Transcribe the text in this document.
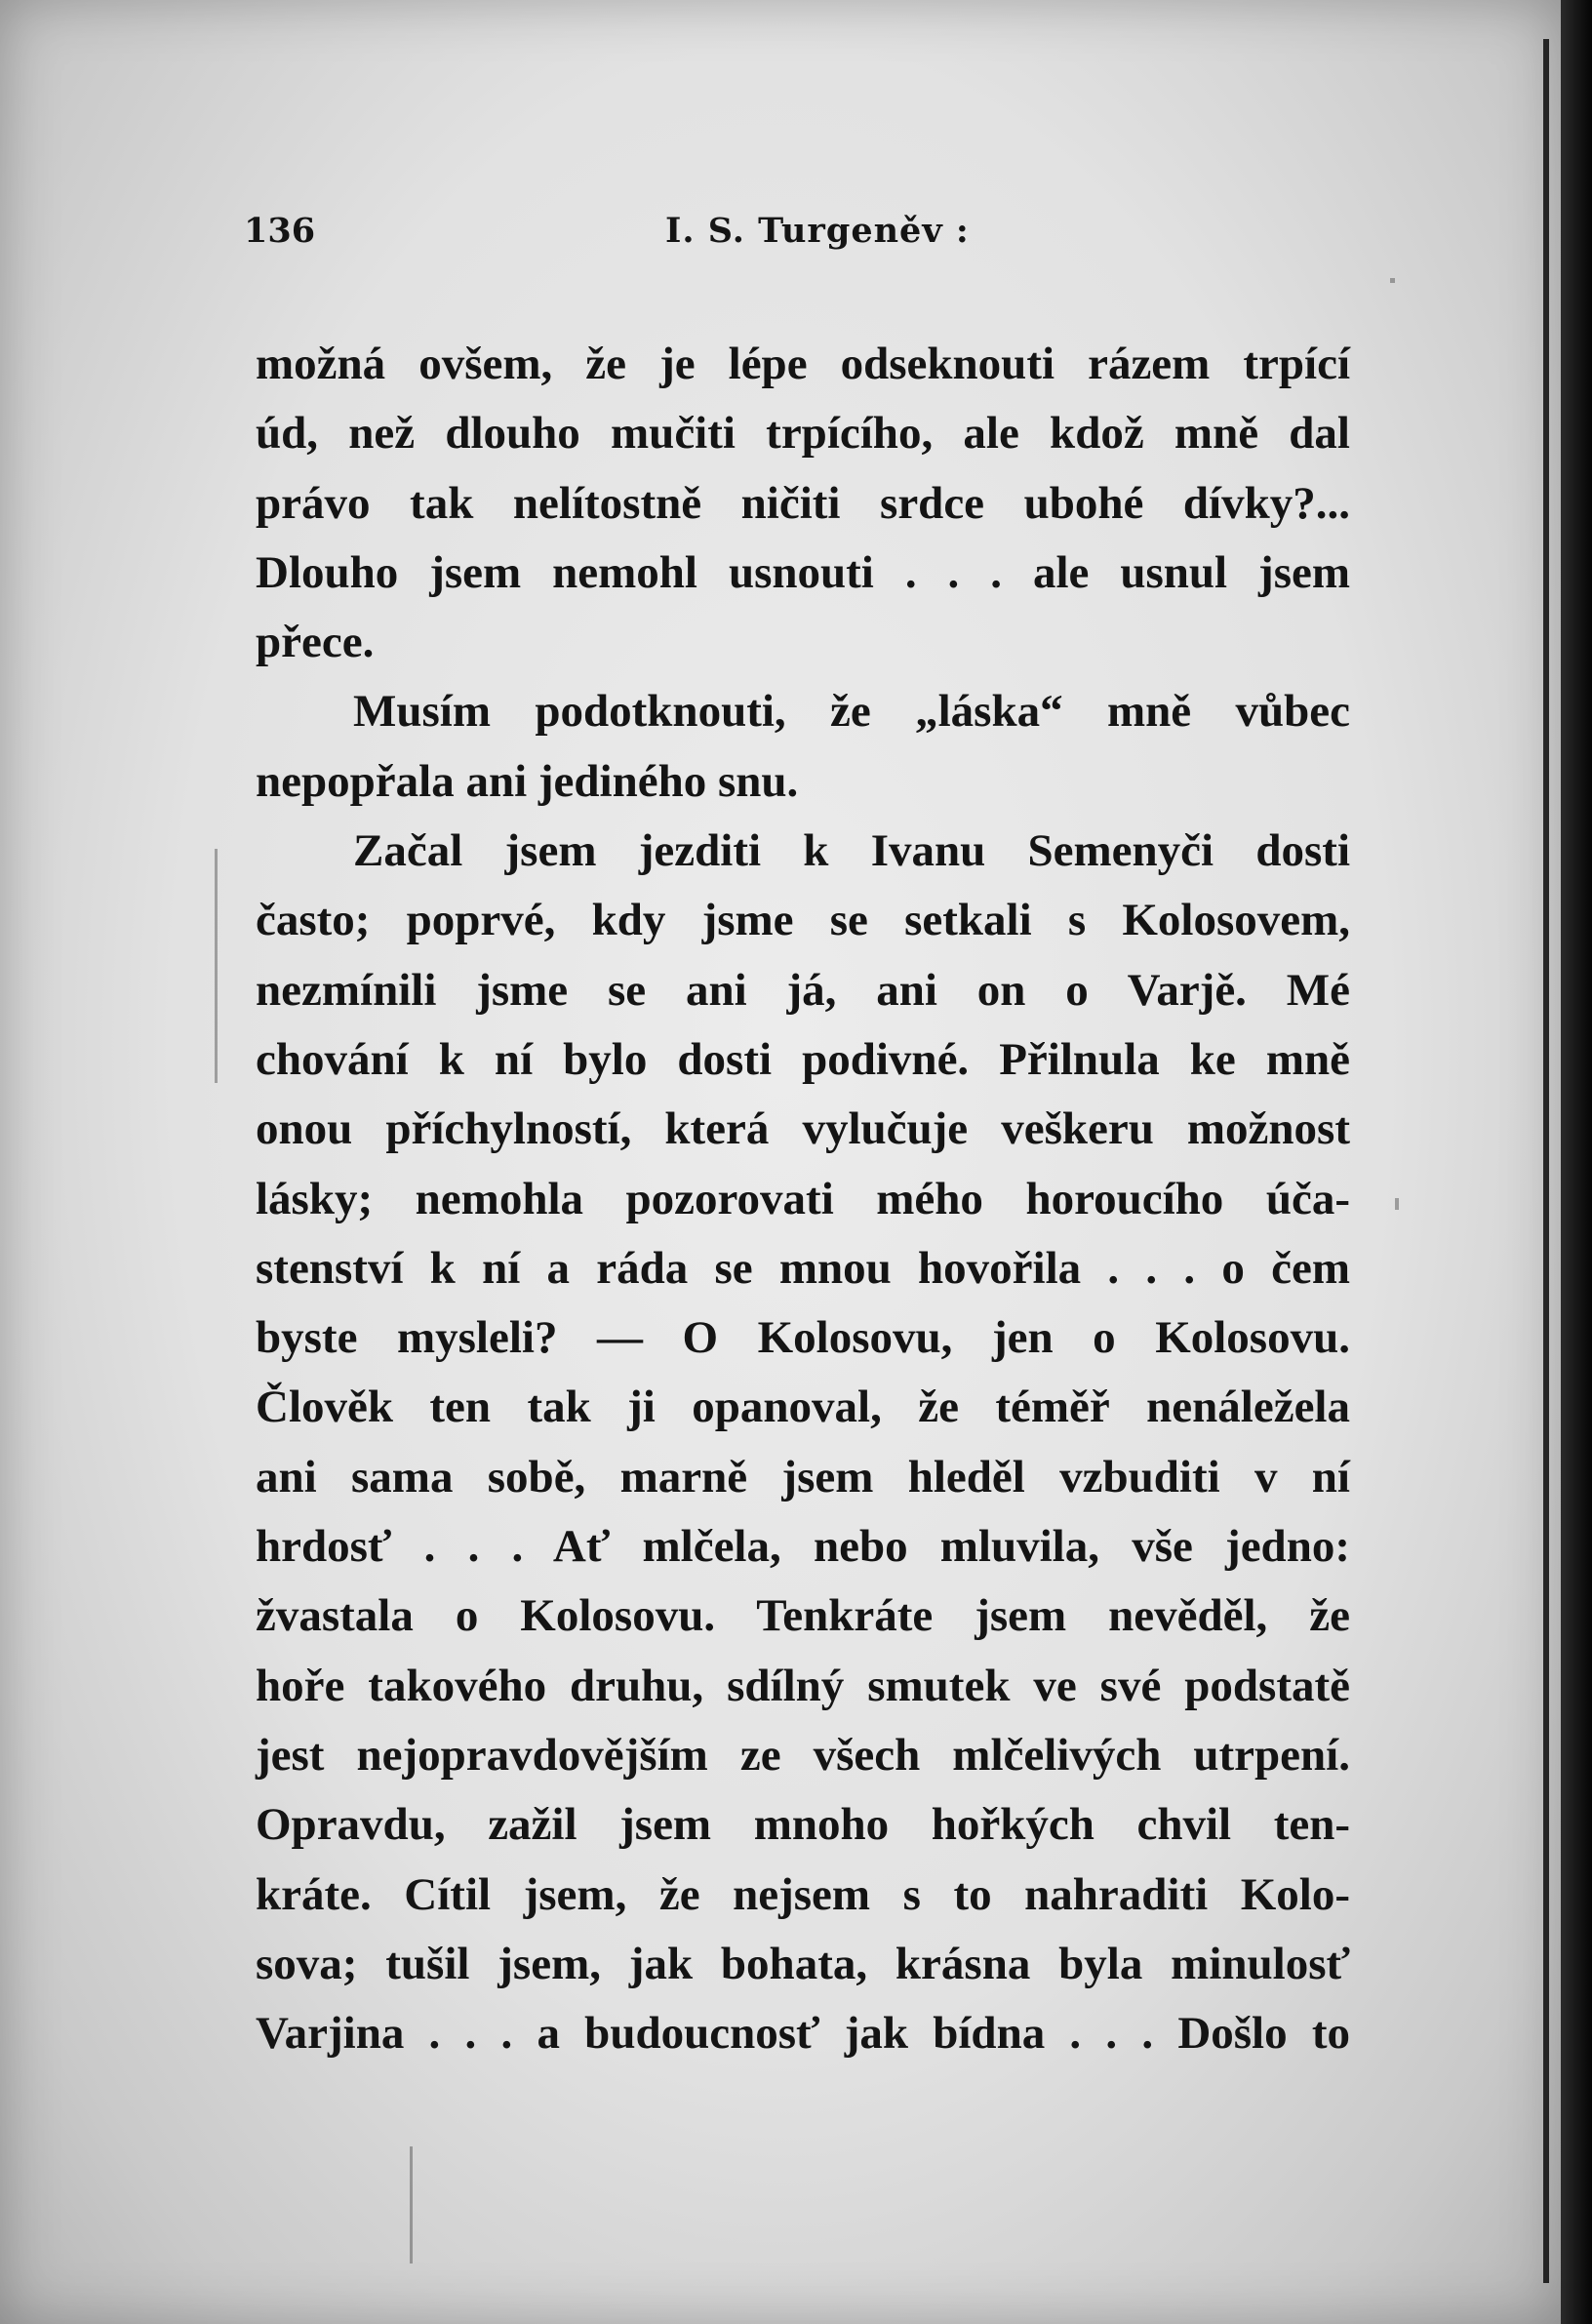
136	I. S. Turgeněv :
možná ovšem, že je lépe odseknouti rázem trpící
úd, než dlouho mučiti trpícího, ale kdož mně dal
právo tak nelítostně ničiti srdce ubohé dívky?...
Dlouho jsem nemohl usnouti . . . ale usnul jsem
přece.
Musím podotknouti, že „láska“ mně vůbec
nepopřala ani jediného snu.
Začal jsem jezditi k Ivanu Semenyči dosti
často; poprvé, kdy jsme se setkali s Kolosovem,
nezmínili jsme se ani já, ani on o Varjě. Mé
chování k ní bylo dosti podivné. Přilnula ke mně
onou příchylností, která vylučuje veškeru možnost
lásky; nemohla pozorovati mého horoucího úča-
stenství k ní a ráda se mnou hovořila . . . o čem
byste mysleli? — O Kolosovu, jen o Kolosovu.
Člověk ten tak ji opanoval, že téměř nenáležela
ani sama sobě, marně jsem hleděl vzbuditi v ní
hrdosť . . . Ať mlčela, nebo mluvila, vše jedno:
žvastala o Kolosovu. Tenkráte jsem nevěděl, že
hoře takového druhu, sdílný smutek ve své podstatě
jest nejopravdovějším ze všech mlčelivých utrpení.
Opravdu, zažil jsem mnoho hořkých chvil ten-
kráte. Cítil jsem, že nejsem s to nahraditi Kolo-
sova; tušil jsem, jak bohata, krásna byla minulosť
Varjina . . . a budoucnosť jak bídna . . . Došlo to
